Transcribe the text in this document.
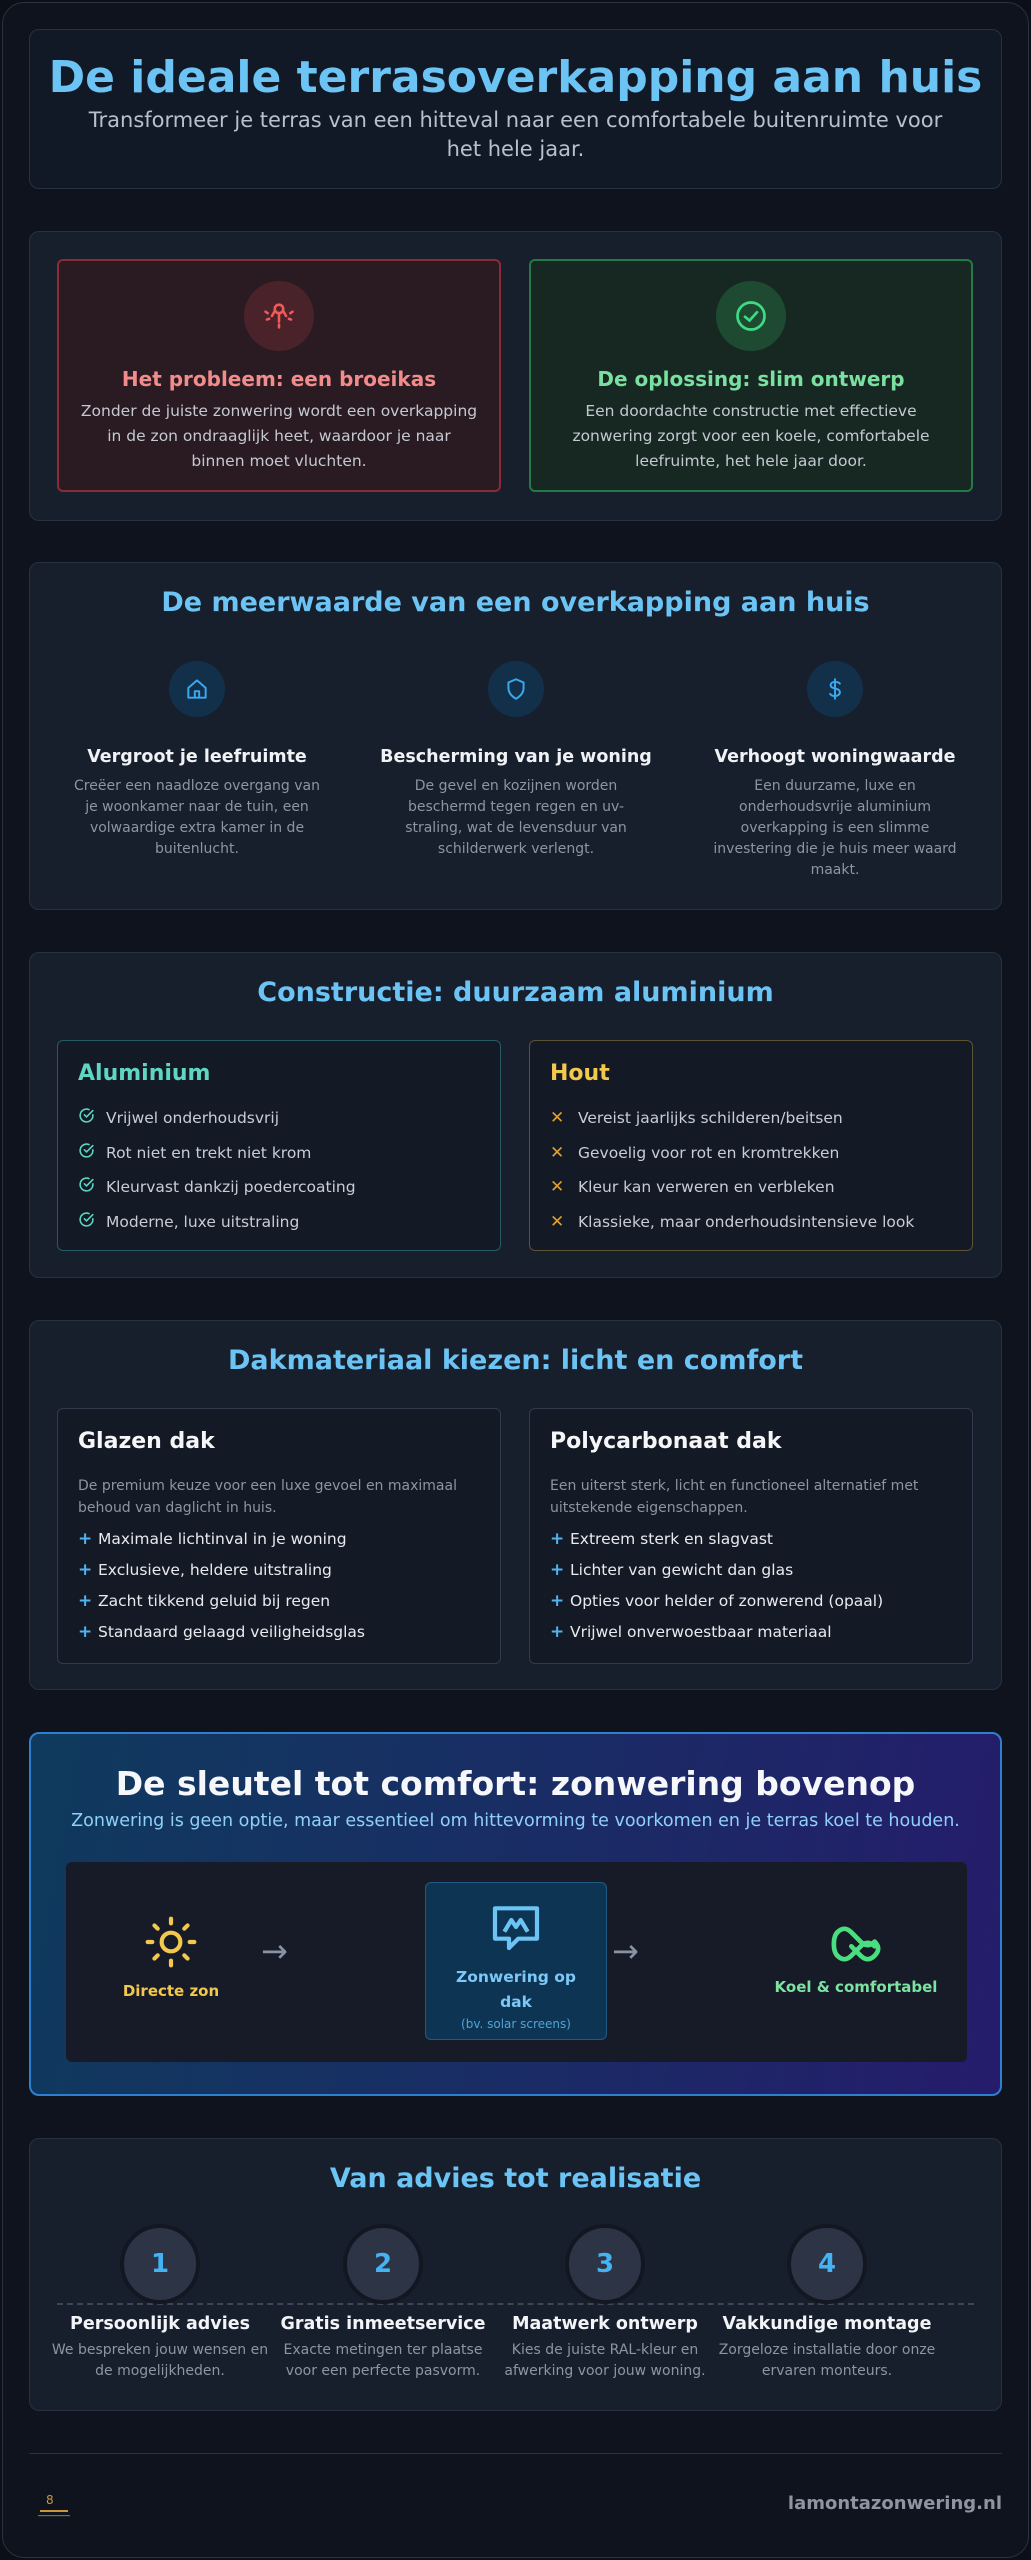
De ideale terrasoverkapping aan huis

Transformeer je terras van een hitteval naar een comfortabele buitenruimte voor het hele jaar.

Het probleem: een broeikas

Zonder de juiste zonwering wordt een overkapping in de zon ondraaglijk heet, waardoor je naar binnen moet vluchten.

De oplossing: slim ontwerp

Een doordachte constructie met effectieve zonwering zorgt voor een koele, comfortabele leefruimte, het hele jaar door.

De meerwaarde van een overkapping aan huis
Vergroot je leefruimte

Creëer een naadloze overgang van je woonkamer naar de tuin, een volwaardige extra kamer in de buitenlucht.

Bescherming van je woning

De gevel en kozijnen worden beschermd tegen regen en uv-straling, wat de levensduur van schilderwerk verlengt.

Verhoogt woningwaarde

Een duurzame, luxe en onderhoudsvrije aluminium overkapping is een slimme investering die je huis meer waard maakt.

Constructie: duurzaam aluminium
Aluminium
Vrijwel onderhoudsvrij
Rot niet en trekt niet krom
Kleurvast dankzij poedercoating
Moderne, luxe uitstraling
Hout
✕ Vereist jaarlijks schilderen/beitsen
✕ Gevoelig voor rot en kromtrekken
✕ Kleur kan verweren en verbleken
✕ Klassieke, maar onderhoudsintensieve look
Dakmateriaal kiezen: licht en comfort
Glazen dak
De premium keuze voor een luxe gevoel en maximaal behoud van daglicht in huis.
+ Maximale lichtinval in je woning
+ Exclusieve, heldere uitstraling
+ Zacht tikkend geluid bij regen
+ Standaard gelaagd veiligheidsglas
Polycarbonaat dak
Een uiterst sterk, licht en functioneel alternatief met uitstekende eigenschappen.
+ Extreem sterk en slagvast
+ Lichter van gewicht dan glas
+ Opties voor helder of zonwerend (opaal)
+ Vrijwel onverwoestbaar materiaal
De sleutel tot comfort: zonwering bovenop
Zonwering is geen optie, maar essentieel om hittevorming te voorkomen en je terras koel te houden.
Directe zon
→
Zonwering op dak
(bv. solar screens)
→
Koel & comfortabel
Van advies tot realisatie
1
Persoonlijk advies

We bespreken jouw wensen en de mogelijkheden.

2
Gratis inmeetservice

Exacte metingen ter plaatse voor een perfecte pasvorm.

3
Maatwerk ontwerp

Kies de juiste RAL-kleur en afwerking voor jouw woning.

4
Vakkundige montage

Zorgeloze installatie door onze ervaren monteurs.

8	lamontazonwering.nl
